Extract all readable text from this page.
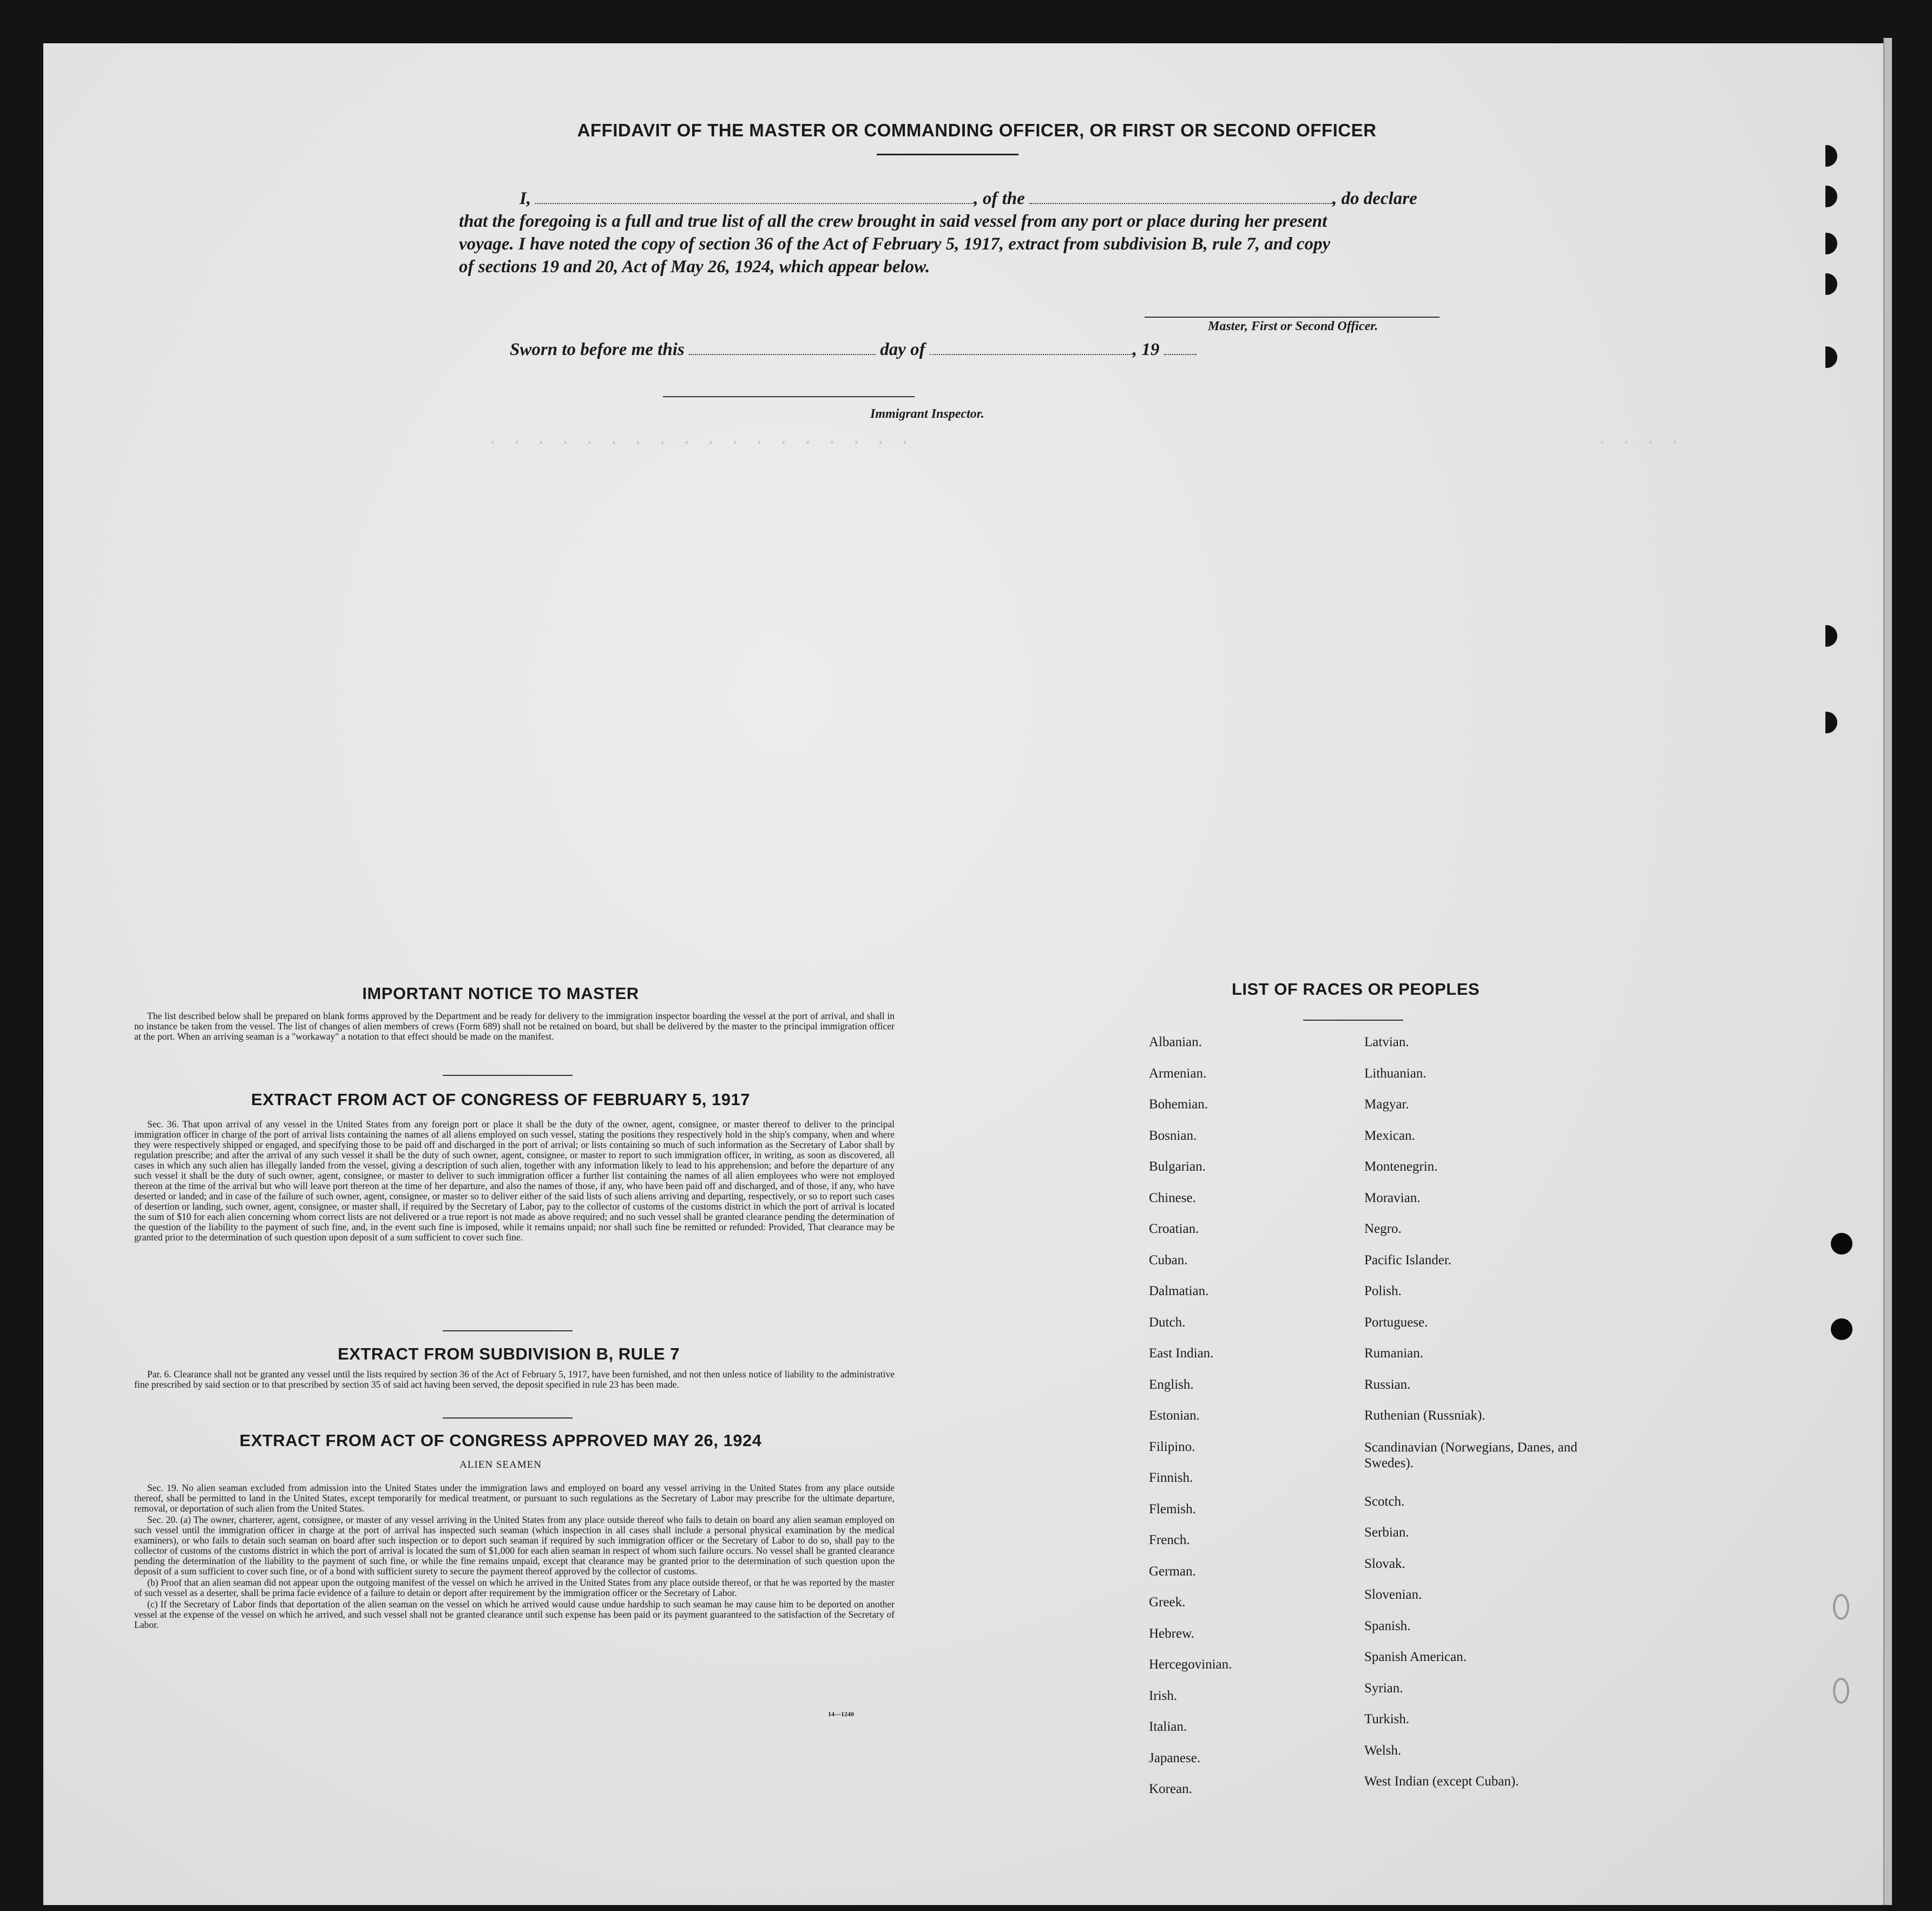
· · · · · · · · · · · · · · · · · ·	· · · ·
AFFIDAVIT OF THE MASTER OR COMMANDING OFFICER, OR FIRST OR SECOND OFFICER
I,	, of the	, do declare
that the foregoing is a full and true list of all the crew brought in said vessel from any port or place during her present
voyage. I have noted the copy of section 36 of the Act of February 5, 1917, extract from subdivision B, rule 7, and copy
of sections 19 and 20, Act of May 26, 1924, which appear below.
Master, First or Second Officer.
Sworn to before me this	day of	, 19
Immigrant Inspector.
IMPORTANT NOTICE TO MASTER

The list described below shall be prepared on blank forms approved by the Department and be ready for delivery to the immigration inspector boarding the vessel at the port of arrival, and shall in no instance be taken from the vessel. The list of changes of alien members of crews (Form 689) shall not be retained on board, but shall be delivered by the master to the principal immigration officer at the port. When an arriving seaman is a "workaway" a notation to that effect should be made on the manifest.

EXTRACT FROM ACT OF CONGRESS OF FEBRUARY 5, 1917

Sec. 36. That upon arrival of any vessel in the United States from any foreign port or place it shall be the duty of the owner, agent, consignee, or master thereof to deliver to the principal immigration officer in charge of the port of arrival lists containing the names of all aliens employed on such vessel, stating the positions they respectively hold in the ship's company, when and where they were respectively shipped or engaged, and specifying those to be paid off and discharged in the port of arrival; or lists containing so much of such information as the Secretary of Labor shall by regulation prescribe; and after the arrival of any such vessel it shall be the duty of such owner, agent, consignee, or master to report to such immigration officer, in writing, as soon as discovered, all cases in which any such alien has illegally landed from the vessel, giving a description of such alien, together with any information likely to lead to his apprehension; and before the departure of any such vessel it shall be the duty of such owner, agent, consignee, or master to deliver to such immigration officer a further list containing the names of all alien employees who were not employed thereon at the time of the arrival but who will leave port thereon at the time of her departure, and also the names of those, if any, who have been paid off and discharged, and of those, if any, who have deserted or landed; and in case of the failure of such owner, agent, consignee, or master so to deliver either of the said lists of such aliens arriving and departing, respectively, or so to report such cases of desertion or landing, such owner, agent, consignee, or master shall, if required by the Secretary of Labor, pay to the collector of customs of the customs district in which the port of arrival is located the sum of $10 for each alien concerning whom correct lists are not delivered or a true report is not made as above required; and no such vessel shall be granted clearance pending the determination of the question of the liability to the payment of such fine, and, in the event such fine is imposed, while it remains unpaid; nor shall such fine be remitted or refunded: Provided, That clearance may be granted prior to the determination of such question upon deposit of a sum sufficient to cover such fine.

EXTRACT FROM SUBDIVISION B, RULE 7

Par. 6. Clearance shall not be granted any vessel until the lists required by section 36 of the Act of February 5, 1917, have been furnished, and not then unless notice of liability to the administrative fine prescribed by said section or to that prescribed by section 35 of said act having been served, the deposit specified in rule 23 has been made.

EXTRACT FROM ACT OF CONGRESS APPROVED MAY 26, 1924
ALIEN SEAMEN

Sec. 19. No alien seaman excluded from admission into the United States under the immigration laws and employed on board any vessel arriving in the United States from any place outside thereof, shall be permitted to land in the United States, except temporarily for medical treatment, or pursuant to such regulations as the Secretary of Labor may prescribe for the ultimate departure, removal, or deportation of such alien from the United States.

Sec. 20. (a) The owner, charterer, agent, consignee, or master of any vessel arriving in the United States from any place outside thereof who fails to detain on board any alien seaman employed on such vessel until the immigration officer in charge at the port of arrival has inspected such seaman (which inspection in all cases shall include a personal physical examination by the medical examiners), or who fails to detain such seaman on board after such inspection or to deport such seaman if required by such immigration officer or the Secretary of Labor to do so, shall pay to the collector of customs of the customs district in which the port of arrival is located the sum of $1,000 for each alien seaman in respect of whom such failure occurs. No vessel shall be granted clearance pending the determination of the liability to the payment of such fine, or while the fine remains unpaid, except that clearance may be granted prior to the determination of such question upon the deposit of a sum sufficient to cover such fine, or of a bond with sufficient surety to secure the payment thereof approved by the collector of customs.

(b) Proof that an alien seaman did not appear upon the outgoing manifest of the vessel on which he arrived in the United States from any place outside thereof, or that he was reported by the master of such vessel as a deserter, shall be prima facie evidence of a failure to detain or deport after requirement by the immigration officer or the Secretary of Labor.

(c) If the Secretary of Labor finds that deportation of the alien seaman on the vessel on which he arrived would cause undue hardship to such seaman he may cause him to be deported on another vessel at the expense of the vessel on which he arrived, and such vessel shall not be granted clearance until such expense has been paid or its payment guaranteed to the satisfaction of the Secretary of Labor.

14—1240
LIST OF RACES OR PEOPLES
Albanian.
Armenian.
Bohemian.
Bosnian.
Bulgarian.
Chinese.
Croatian.
Cuban.
Dalmatian.
Dutch.
East Indian.
English.
Estonian.
Filipino.
Finnish.
Flemish.
French.
German.
Greek.
Hebrew.
Hercegovinian.
Irish.
Italian.
Japanese.
Korean.
Latvian.
Lithuanian.
Magyar.
Mexican.
Montenegrin.
Moravian.
Negro.
Pacific Islander.
Polish.
Portuguese.
Rumanian.
Russian.
Ruthenian (Russniak).
Scandinavian (Norwegians, Danes, and Swedes).
Scotch.
Serbian.
Slovak.
Slovenian.
Spanish.
Spanish American.
Syrian.
Turkish.
Welsh.
West Indian (except Cuban).
